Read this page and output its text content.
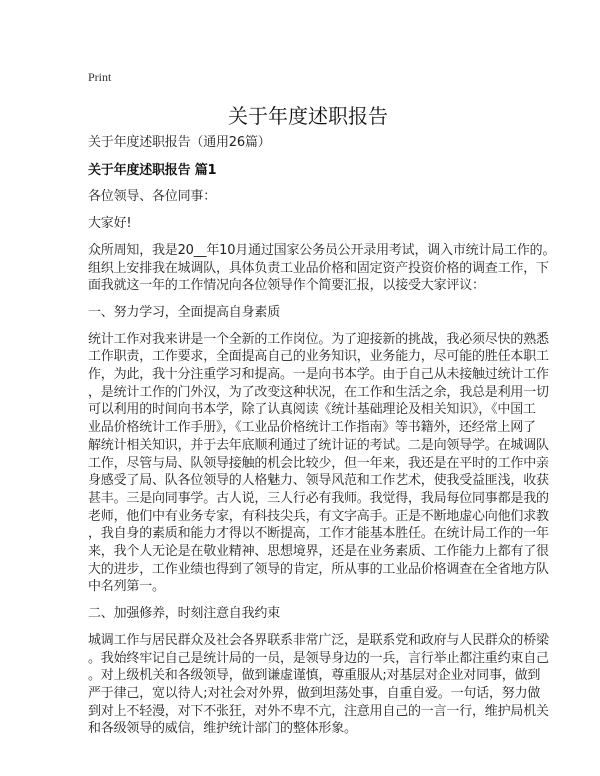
Print
关于年度述职报告
关于年度述职报告（通用26篇）
关于年度述职报告 篇1
各位领导、各位同事：
大家好!
众所周知，我是20__年10月通过国家公务员公开录用考试，调入市统计局工作的。
组织上安排我在城调队，具体负责工业品价格和固定资产投资价格的调查工作，下
面我就这一年的工作情况向各位领导作个简要汇报，以接受大家评议：
一、努力学习，全面提高自身素质
统计工作对我来讲是一个全新的工作岗位。为了迎接新的挑战，我必须尽快的熟悉
工作职责，工作要求，全面提高自己的业务知识，业务能力，尽可能的胜任本职工
作，为此，我十分注重学习和提高。一是向书本学。由于自己从未接触过统计工作
，是统计工作的门外汉，为了改变这种状况，在工作和生活之余，我总是利用一切
可以利用的时间向书本学，除了认真阅读《统计基础理论及相关知识》，《中国工
业品价格统计工作手册》，《工业品价格统计工作指南》等书籍外，还经常上网了
解统计相关知识，并于去年底顺利通过了统计证的考试。二是向领导学。在城调队
工作，尽管与局、队领导接触的机会比较少，但一年来，我还是在平时的工作中亲
身感受了局、队各位领导的人格魅力、领导风范和工作艺术，使我受益匪浅，收获
甚丰。三是向同事学。古人说，三人行必有我师。我觉得，我局每位同事都是我的
老师，他们中有业务专家，有科技尖兵，有文字高手。正是不断地虚心向他们求教
，我自身的素质和能力才得以不断提高，工作才能基本胜任。在统计局工作的一年
来，我个人无论是在敬业精神、思想境界，还是在业务素质、工作能力上都有了很
大的进步，工作业绩也得到了领导的肯定，所从事的工业品价格调查在全省地方队
中名列第一。
二、加强修养，时刻注意自我约束
城调工作与居民群众及社会各界联系非常广泛，是联系党和政府与人民群众的桥梁
。我始终牢记自己是统计局的一员，是领导身边的一兵，言行举止都注重约束自己
。对上级机关和各级领导，做到谦虚谨慎，尊重服从;对基层对企业对同事，做到
严于律己，宽以待人;对社会对外界，做到坦荡处事，自重自爱。一句话，努力做
到对上不轻漫，对下不张狂，对外不卑不亢，注意用自己的一言一行，维护局机关
和各级领导的威信，维护统计部门的整体形象。
